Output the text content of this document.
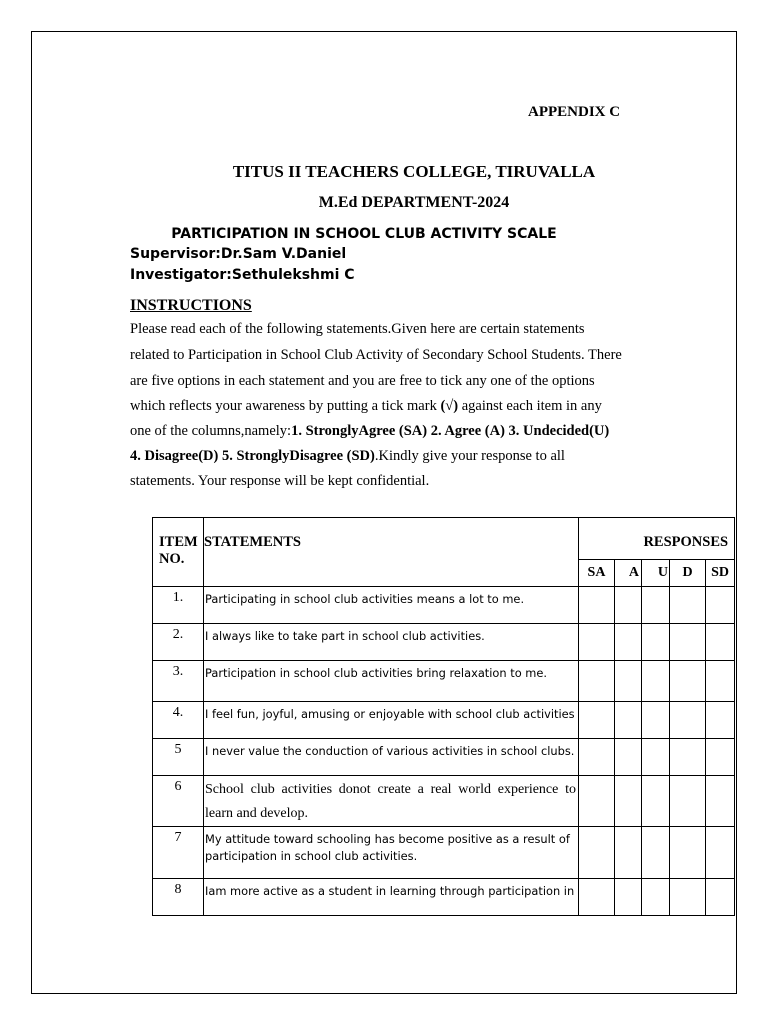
APPENDIX C
TITUS II TEACHERS COLLEGE, TIRUVALLA
M.Ed DEPARTMENT-2024
PARTICIPATION IN SCHOOL CLUB ACTIVITY SCALE
Supervisor:Dr.Sam V.Daniel
Investigator:Sethulekshmi C
INSTRUCTIONS
Please read each of the following statements.Given here are certain statements
related to Participation in School Club Activity of Secondary School Students. There
are five options in each statement and you are free to tick any one of the options
which reflects your awareness by putting a tick mark (√) against each item in any
one of the columns,namely:1. StronglyAgree (SA) 2. Agree (A) 3. Undecided(U)
4. Disagree(D) 5. StronglyDisagree (SD).Kindly give your response to all
statements. Your response will be kept confidential.
ITEM NO.	STATEMENTS	RESPONSES				
		SA	A	U	D	SD
1.	Participating in school club activities means a lot to me.					
2.	I always like to take part in school club activities.					
3.	Participation in school club activities bring relaxation to me.					
4.	I feel fun, joyful, amusing or enjoyable with school club activities					
5	I never value the conduction of various activities in school clubs.					
6	School club activities donot create a real world experience to learn and develop.					
7	My attitude toward schooling has become positive as a result of participation in school club activities.					
8	Iam more active as a student in learning through participation in					
